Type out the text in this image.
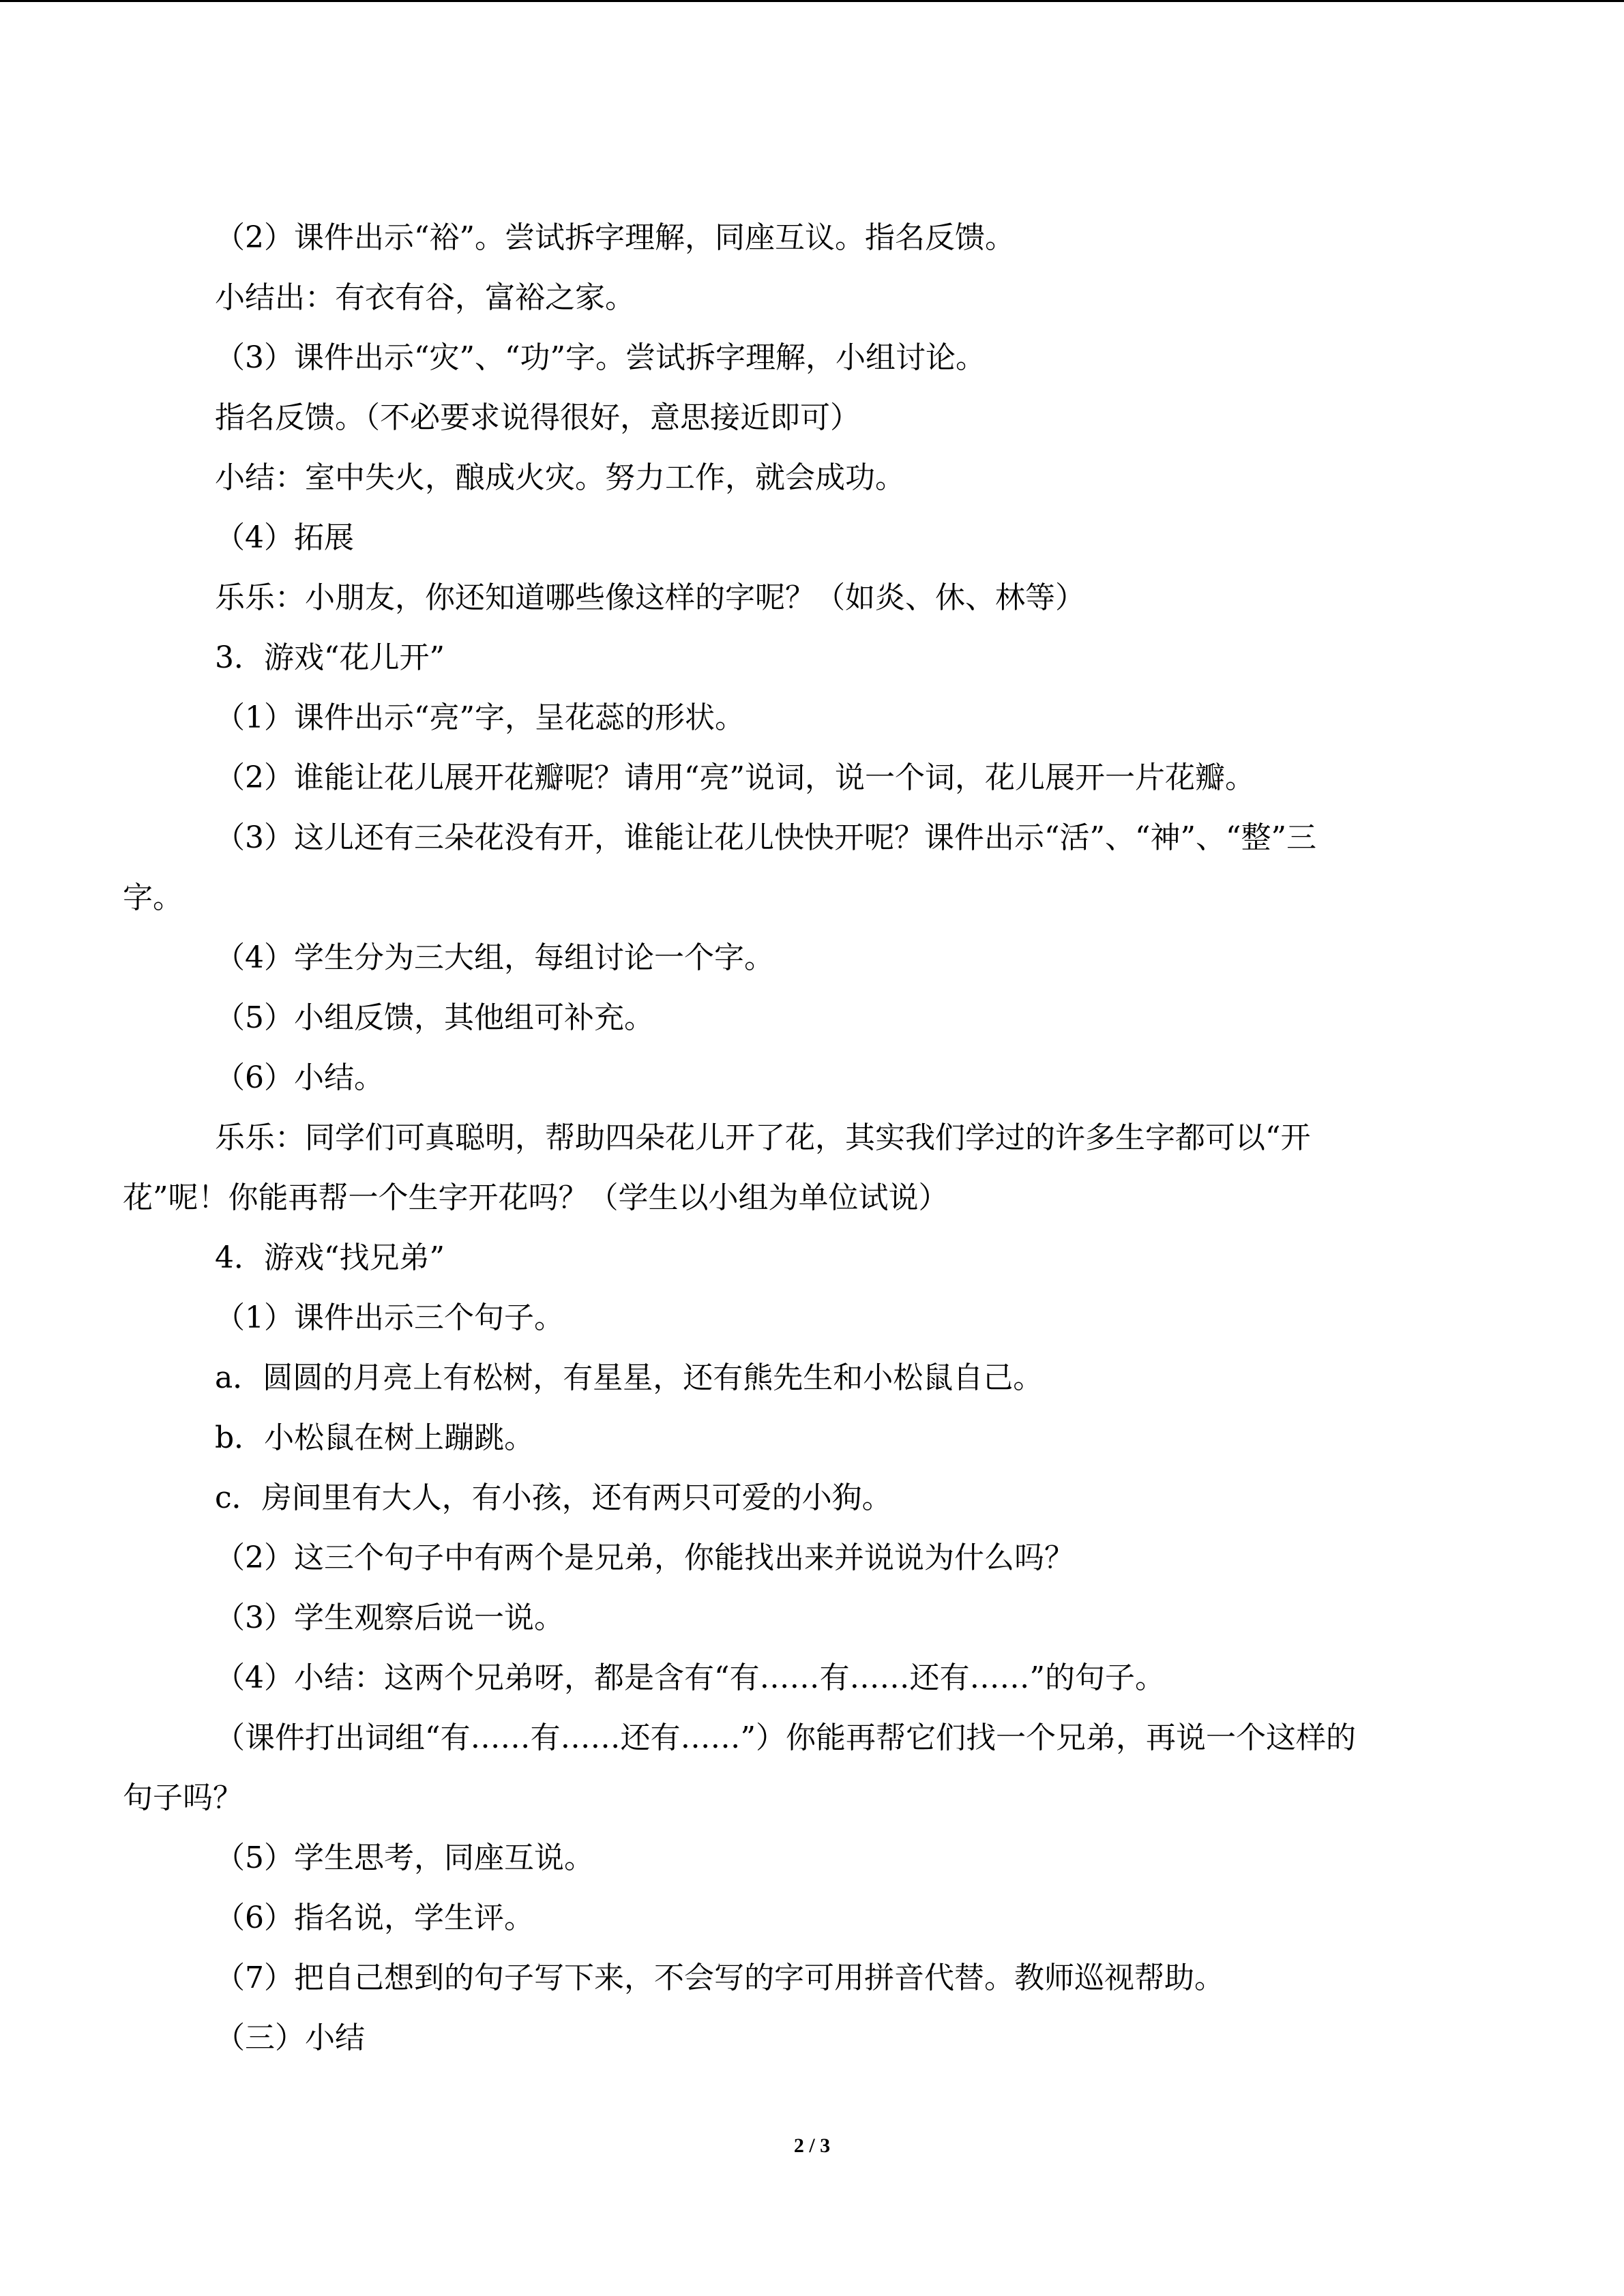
（2）课件出示“裕”。尝试拆字理解，同座互议。指名反馈。
小结出：有衣有谷，富裕之家。
（3）课件出示“灾”、“功”字。尝试拆字理解，小组讨论。
指名反馈。（不必要求说得很好，意思接近即可）
小结：室中失火，酿成火灾。努力工作，就会成功。
（4）拓展
乐乐：小朋友，你还知道哪些像这样的字呢？（如炎、休、林等）
3．游戏“花儿开”
（1）课件出示“亮”字，呈花蕊的形状。
（2）谁能让花儿展开花瓣呢？请用“亮”说词，说一个词，花儿展开一片花瓣。
（3）这儿还有三朵花没有开，谁能让花儿快快开呢？课件出示“活”、“神”、“整”三
字。
（4）学生分为三大组，每组讨论一个字。
（5）小组反馈，其他组可补充。
（6）小结。
乐乐：同学们可真聪明，帮助四朵花儿开了花，其实我们学过的许多生字都可以“开
花”呢！你能再帮一个生字开花吗？（学生以小组为单位试说）
4．游戏“找兄弟”
（1）课件出示三个句子。
a．圆圆的月亮上有松树，有星星，还有熊先生和小松鼠自己。
b．小松鼠在树上蹦跳。
c．房间里有大人，有小孩，还有两只可爱的小狗。
（2）这三个句子中有两个是兄弟，你能找出来并说说为什么吗？
（3）学生观察后说一说。
（4）小结：这两个兄弟呀，都是含有“有……有……还有……”的句子。
（课件打出词组“有……有……还有……”）你能再帮它们找一个兄弟，再说一个这样的
句子吗？
（5）学生思考，同座互说。
（6）指名说，学生评。
（7）把自己想到的句子写下来，不会写的字可用拼音代替。教师巡视帮助。
（三）小结
2 / 3
